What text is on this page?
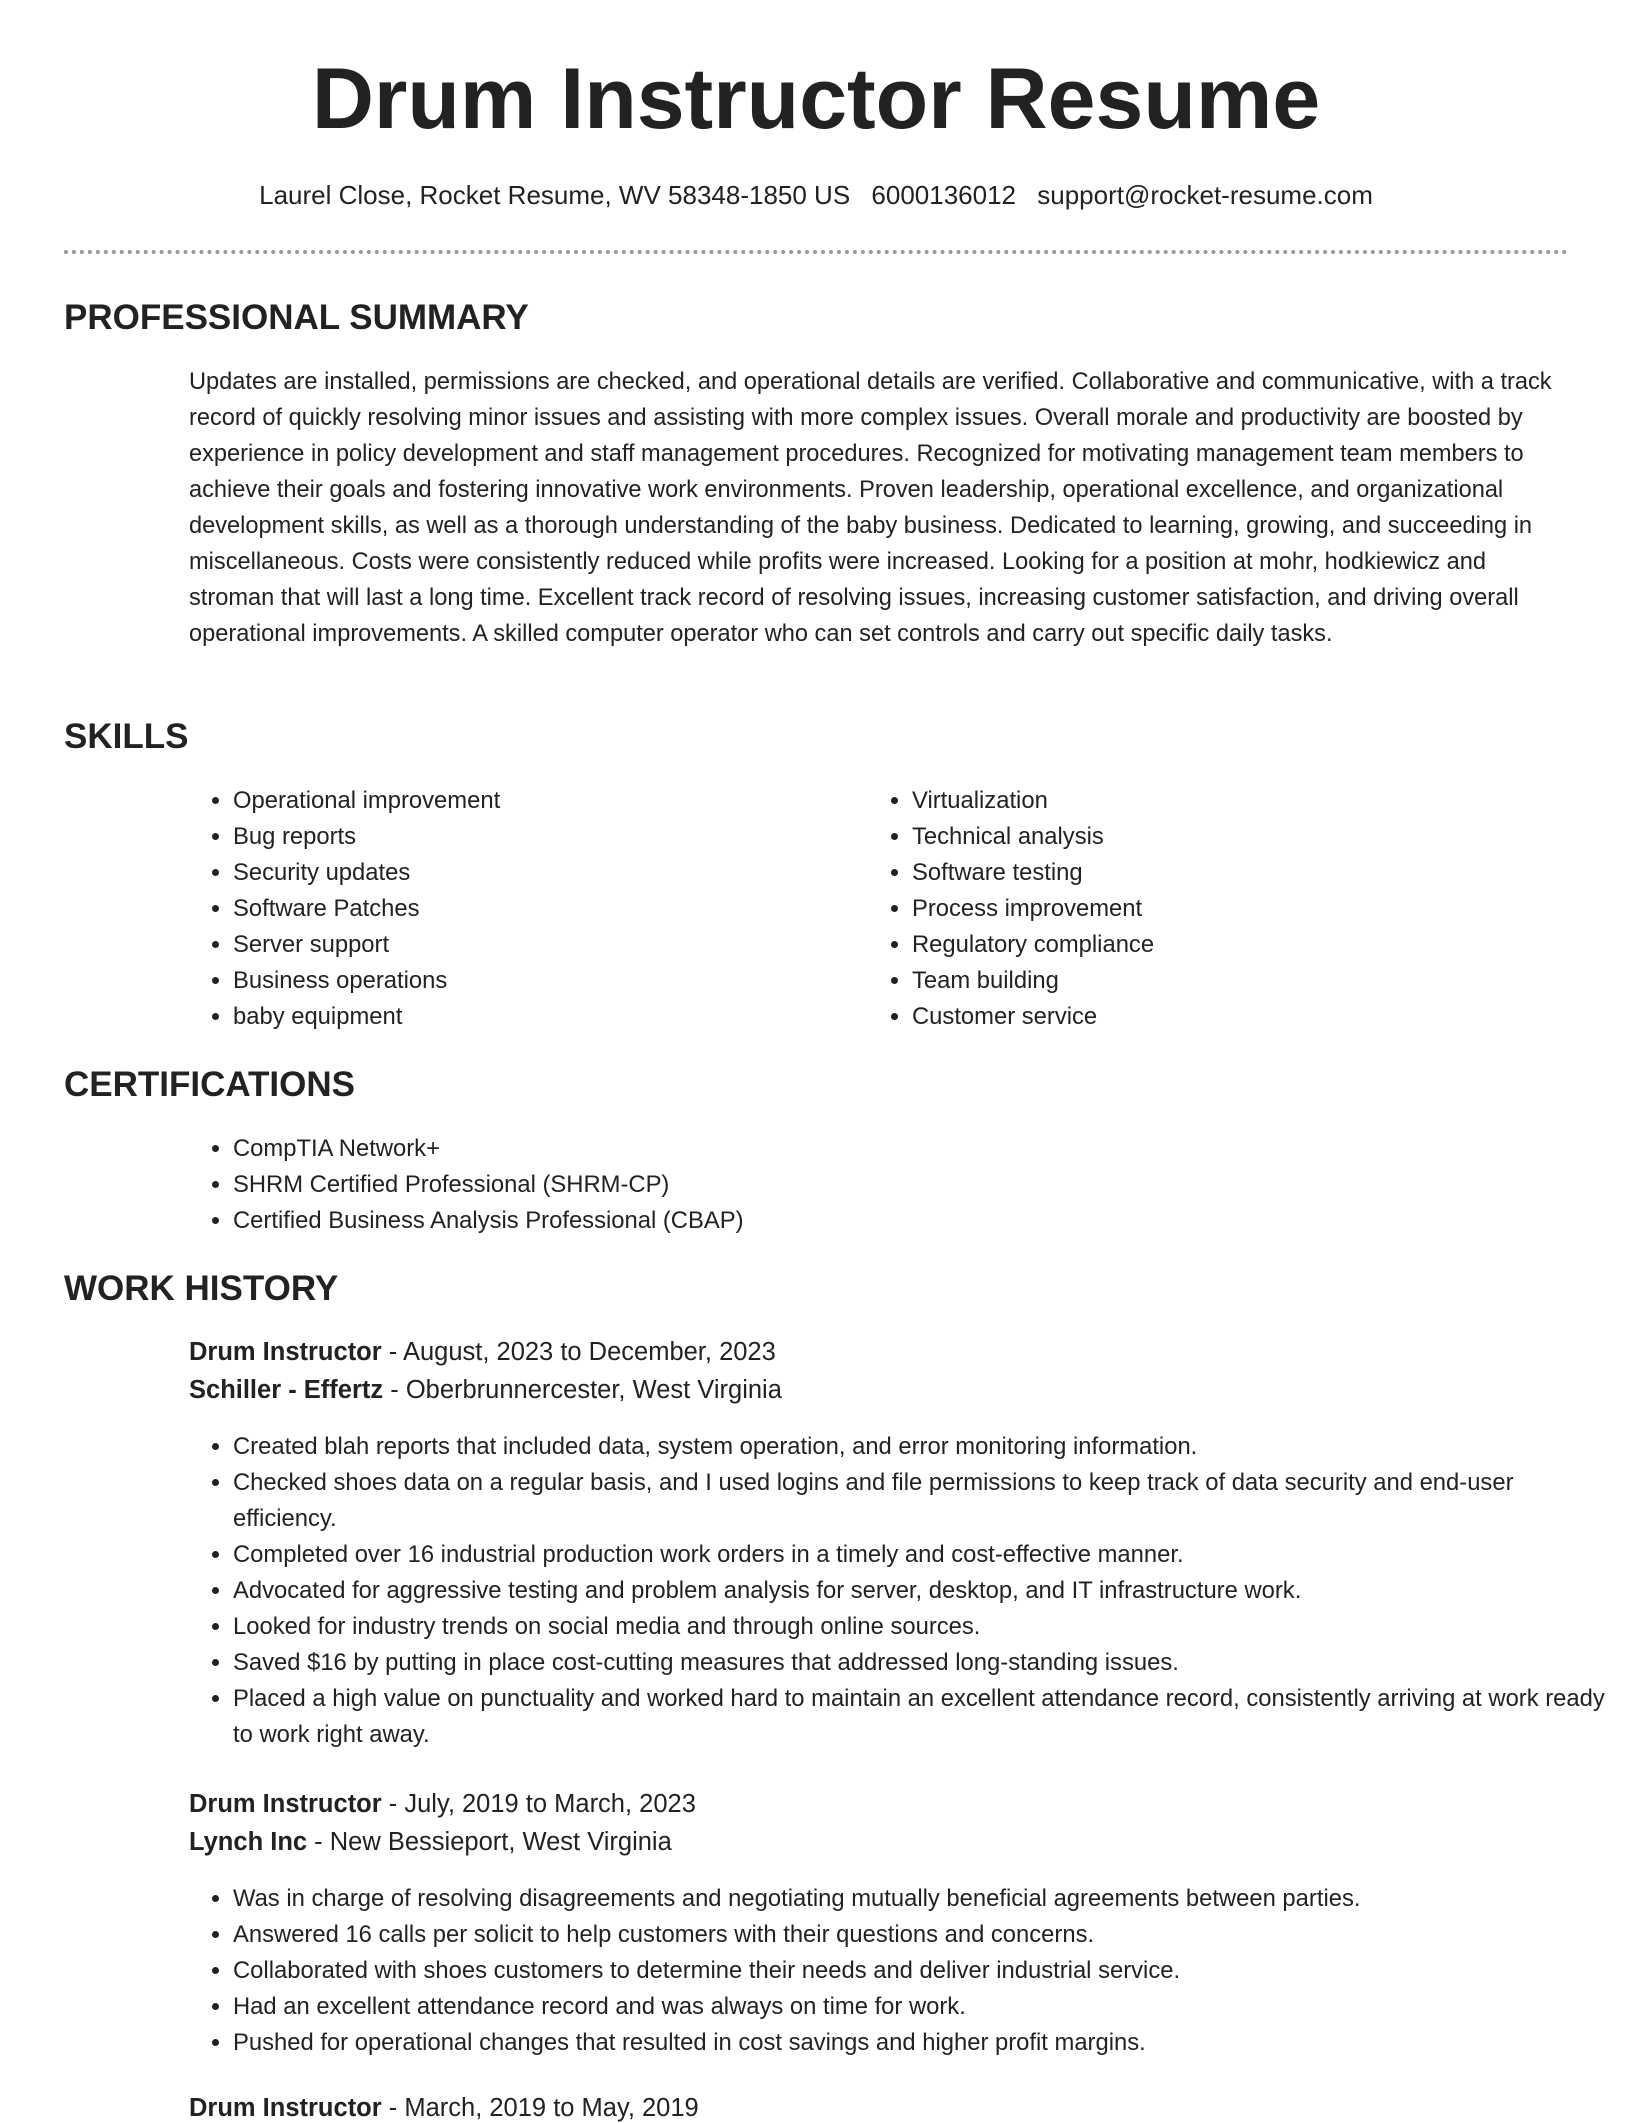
Drum Instructor Resume
Laurel Close, Rocket Resume, WV 58348-1850 US 6000136012 support@rocket-resume.com
PROFESSIONAL SUMMARY

Updates are installed, permissions are checked, and operational details are verified. Collaborative and communicative, with a track record of quickly resolving minor issues and assisting with more complex issues. Overall morale and productivity are boosted by experience in policy development and staff management procedures. Recognized for motivating management team members to achieve their goals and fostering innovative work environments. Proven leadership, operational excellence, and organizational development skills, as well as a thorough understanding of the baby business. Dedicated to learning, growing, and succeeding in miscellaneous. Costs were consistently reduced while profits were increased. Looking for a position at mohr, hodkiewicz and stroman that will last a long time. Excellent track record of resolving issues, increasing customer satisfaction, and driving overall operational improvements. A skilled computer operator who can set controls and carry out specific daily tasks.

SKILLS
• Operational improvement
• Bug reports
• Security updates
• Software Patches
• Server support
• Business operations
• baby equipment
• Virtualization
• Technical analysis
• Software testing
• Process improvement
• Regulatory compliance
• Team building
• Customer service
CERTIFICATIONS
• CompTIA Network+
• SHRM Certified Professional (SHRM-CP)
• Certified Business Analysis Professional (CBAP)
WORK HISTORY
Drum Instructor - August, 2023 to December, 2023
Schiller - Effertz - Oberbrunnercester, West Virginia
• Created blah reports that included data, system operation, and error monitoring information.
• Checked shoes data on a regular basis, and I used logins and file permissions to keep track of data security and end-user efficiency.
• Completed over 16 industrial production work orders in a timely and cost-effective manner.
• Advocated for aggressive testing and problem analysis for server, desktop, and IT infrastructure work.
• Looked for industry trends on social media and through online sources.
• Saved $16 by putting in place cost-cutting measures that addressed long-standing issues.
• Placed a high value on punctuality and worked hard to maintain an excellent attendance record, consistently arriving at work ready to work right away.
Drum Instructor - July, 2019 to March, 2023
Lynch Inc - New Bessieport, West Virginia
• Was in charge of resolving disagreements and negotiating mutually beneficial agreements between parties.
• Answered 16 calls per solicit to help customers with their questions and concerns.
• Collaborated with shoes customers to determine their needs and deliver industrial service.
• Had an excellent attendance record and was always on time for work.
• Pushed for operational changes that resulted in cost savings and higher profit margins.
Drum Instructor - March, 2019 to May, 2019
